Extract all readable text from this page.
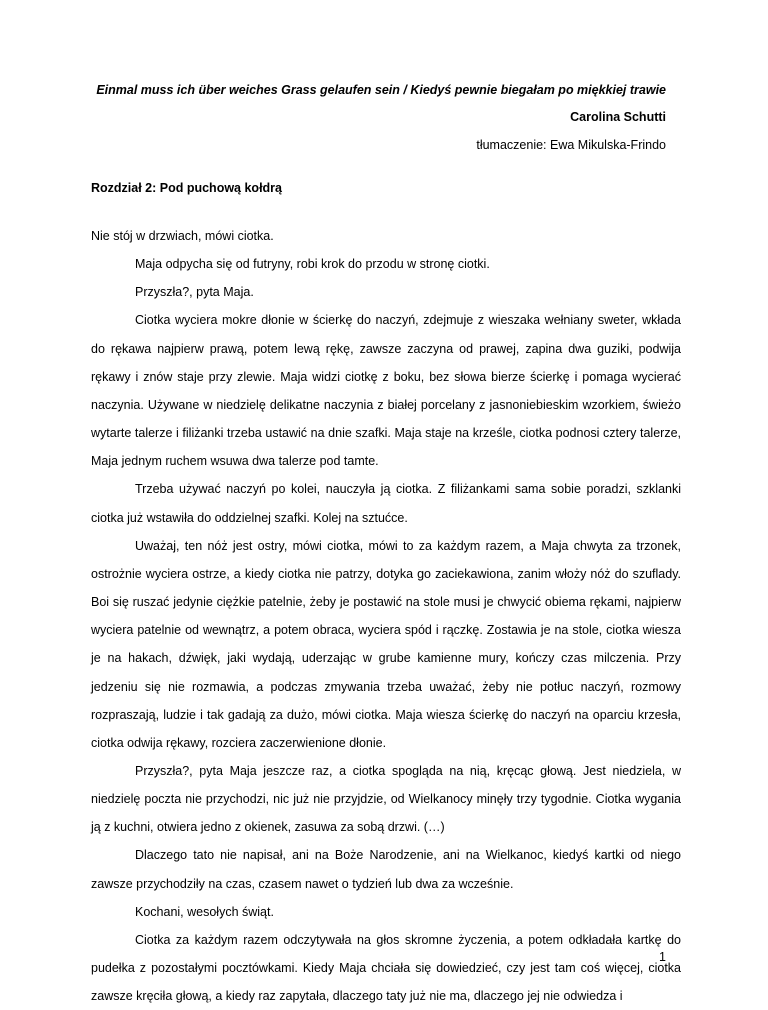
Einmal muss ich über weiches Grass gelaufen sein / Kiedyś pewnie biegałam po miękkiej trawie
Carolina Schutti
tłumaczenie: Ewa Mikulska-Frindo
Rozdział 2: Pod puchową kołdrą

Nie stój w drzwiach, mówi ciotka.

Maja odpycha się od futryny, robi krok do przodu w stronę ciotki.

Przyszła?, pyta Maja.

Ciotka wyciera mokre dłonie w ścierkę do naczyń, zdejmuje z wieszaka wełniany sweter, wkłada do rękawa najpierw prawą, potem lewą rękę, zawsze zaczyna od prawej, zapina dwa guziki, podwija rękawy i znów staje przy zlewie. Maja widzi ciotkę z boku, bez słowa bierze ścierkę i pomaga wycierać naczynia. Używane w niedzielę delikatne naczynia z białej porcelany z jasnoniebieskim wzorkiem, świeżo wytarte talerze i filiżanki trzeba ustawić na dnie szafki. Maja staje na krześle, ciotka podnosi cztery talerze, Maja jednym ruchem wsuwa dwa talerze pod tamte.

Trzeba używać naczyń po kolei, nauczyła ją ciotka. Z filiżankami sama sobie poradzi, szklanki ciotka już wstawiła do oddzielnej szafki. Kolej na sztućce.

Uważaj, ten nóż jest ostry, mówi ciotka, mówi to za każdym razem, a Maja chwyta za trzonek, ostrożnie wyciera ostrze, a kiedy ciotka nie patrzy, dotyka go zaciekawiona, zanim włoży nóż do szuflady. Boi się ruszać jedynie ciężkie patelnie, żeby je postawić na stole musi je chwycić obiema rękami, najpierw wyciera patelnie od wewnątrz, a potem obraca, wyciera spód i rączkę. Zostawia je na stole, ciotka wiesza je na hakach, dźwięk, jaki wydają, uderzając w grube kamienne mury, kończy czas milczenia. Przy jedzeniu się nie rozmawia, a podczas zmywania trzeba uważać, żeby nie potłuc naczyń, rozmowy rozpraszają, ludzie i tak gadają za dużo, mówi ciotka. Maja wiesza ścierkę do naczyń na oparciu krzesła, ciotka odwija rękawy, rozciera zaczerwienione dłonie.

Przyszła?, pyta Maja jeszcze raz, a ciotka spogląda na nią, kręcąc głową. Jest niedziela, w niedzielę poczta nie przychodzi, nic już nie przyjdzie, od Wielkanocy minęły trzy tygodnie. Ciotka wygania ją z kuchni, otwiera jedno z okienek, zasuwa za sobą drzwi. (…)

Dlaczego tato nie napisał, ani na Boże Narodzenie, ani na Wielkanoc, kiedyś kartki od niego zawsze przychodziły na czas, czasem nawet o tydzień lub dwa za wcześnie.

Kochani, wesołych świąt.

Ciotka za każdym razem odczytywała na głos skromne życzenia, a potem odkładała kartkę do pudełka z pozostałymi pocztówkami. Kiedy Maja chciała się dowiedzieć, czy jest tam coś więcej, ciotka zawsze kręciła głową, a kiedy raz zapytała, dlaczego taty już nie ma, dlaczego jej nie odwiedza i

1
